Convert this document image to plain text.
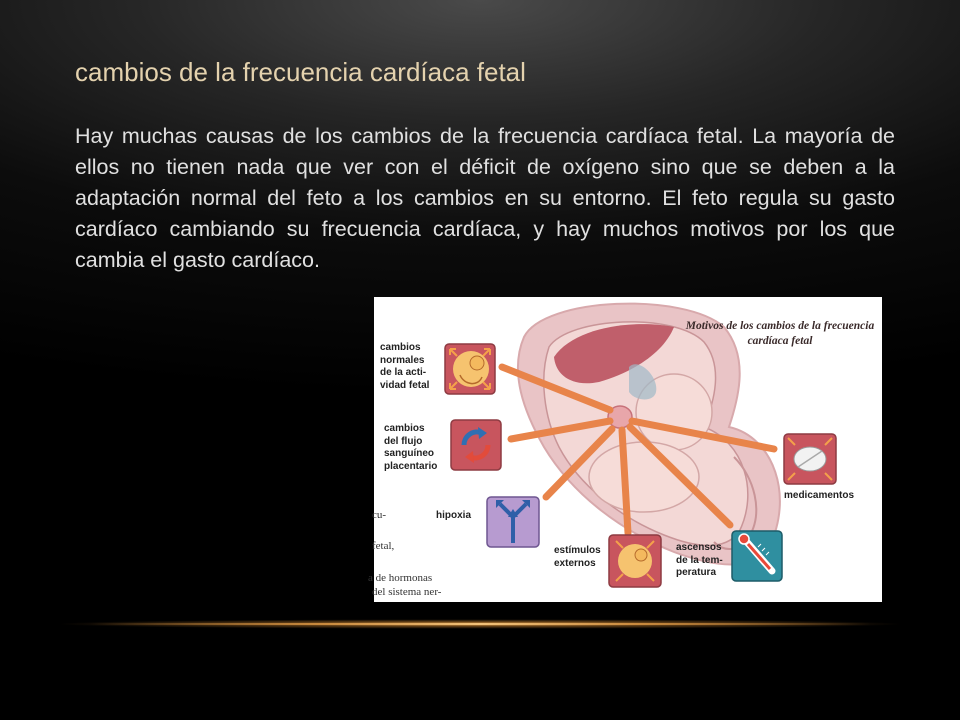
cambios de la frecuencia cardíaca fetal

Hay muchas causas de los cambios de la frecuencia cardíaca fetal. La mayoría de ellos no tienen nada que ver con el déficit de oxígeno sino que se deben a la adaptación normal del feto a los cambios en su entorno. El feto regula su gasto cardíaco cambiando su frecuencia cardíaca, y hay muchos motivos por los que cambia el gasto cardíaco.

Motivos de los cambios de la frecuencia cardíaca fetal
cambios
normales
de la acti-
vidad fetal
cambios
del flujo
sanguíneo
placentario
hipoxia
estímulos
externos
ascensos
de la tem-
peratura
medicamentos
cu-
fetal,
a de hormonas
del sistema ner-
